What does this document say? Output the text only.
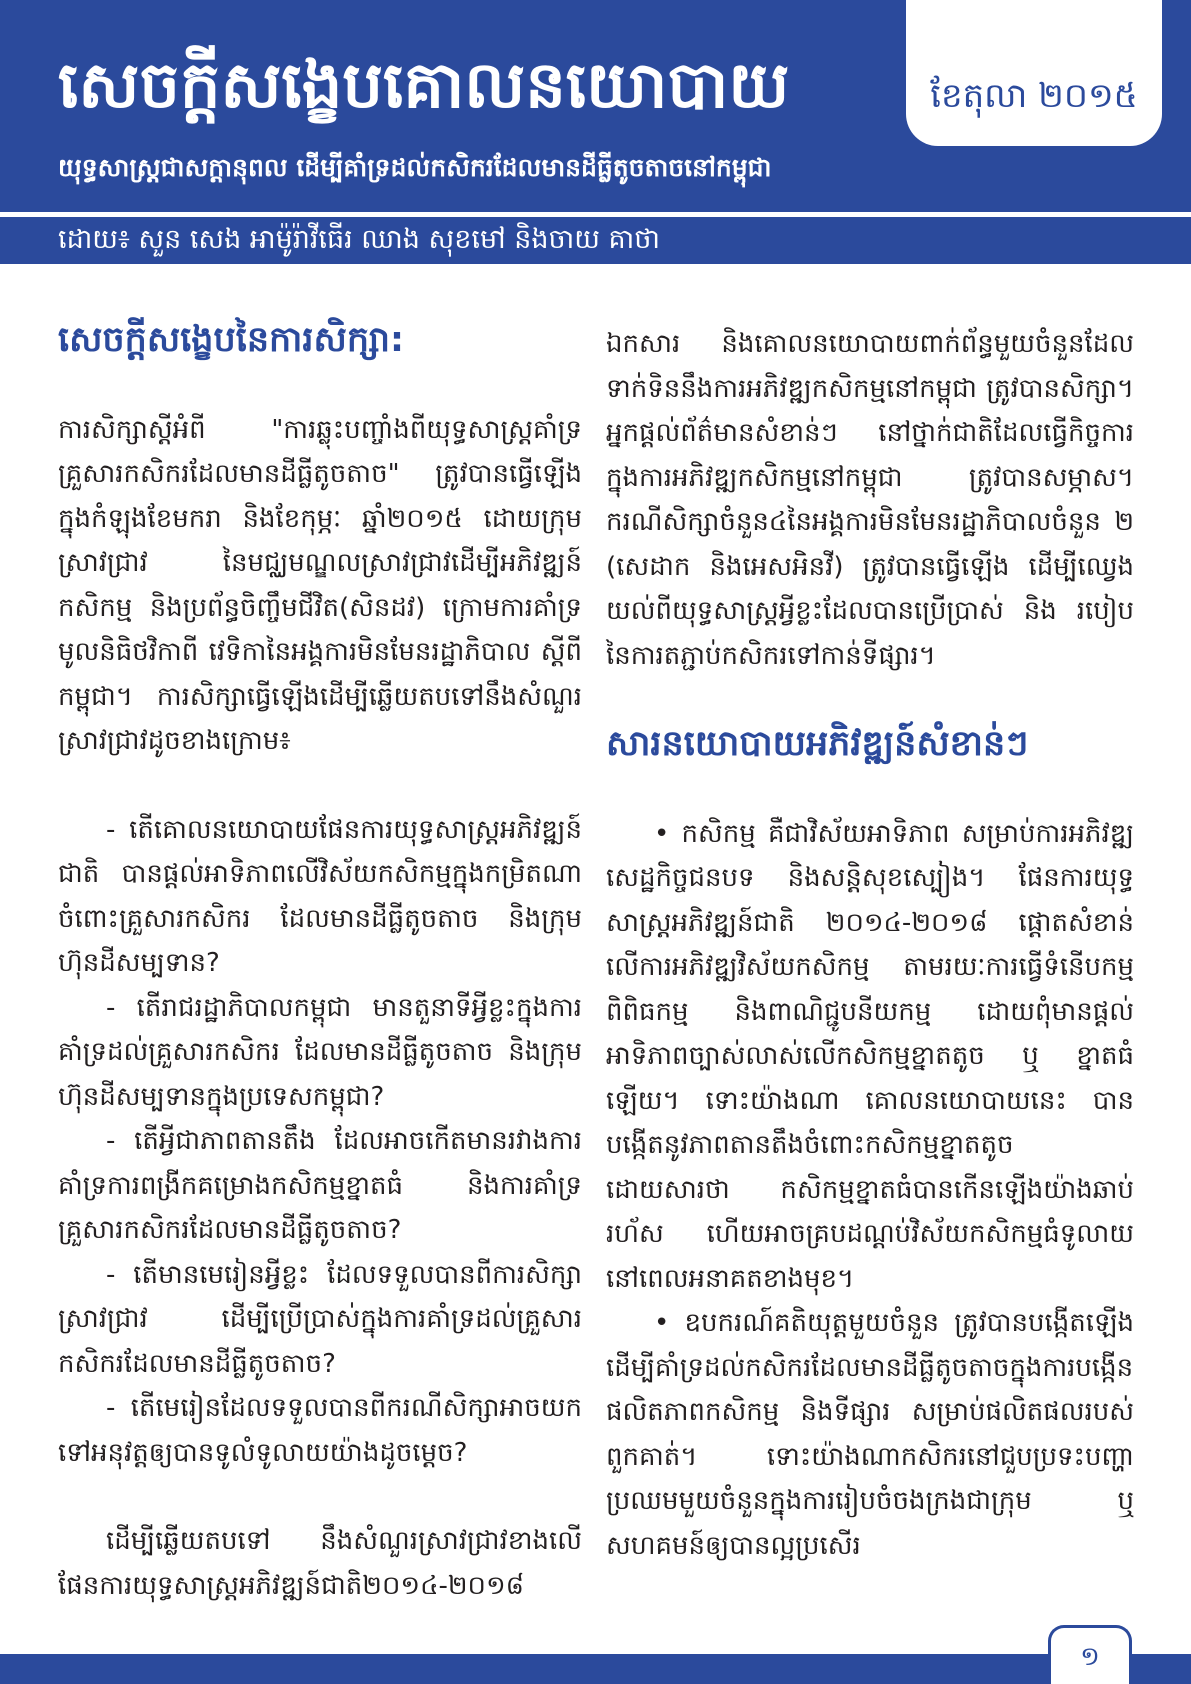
សេចក្តីសង្ខេបគោលនយោបាយ

យុទ្ធសាស្ត្រជាសក្តានុពល ដើម្បីគាំទ្រដល់កសិករដែលមានដីធ្លីតូចតាចនៅកម្ពុជា

ខែតុលា ២០១៥

ដោយ៖ សួន សេង អាម៉ូរ៉ាវីធើរ ឈាង សុខមៅ និងចាយ គាថា

សេចក្តីសង្ខេបនៃការសិក្សា:

ការសិក្សាស្តីអំពី "ការឆ្លុះបញ្ចាំងពីយុទ្ធសាស្ត្រគាំទ្រគ្រួសារកសិករដែលមានដីធ្លីតូចតាច" ត្រូវបានធ្វើឡើងក្នុងកំឡុងខែមករា និងខែកុម្ភៈ ឆ្នាំ២០១៥ ដោយក្រុមស្រាវជ្រាវ នៃមជ្ឈមណ្ឌលស្រាវជ្រាវដើម្បីអភិវឌ្ឍន៍កសិកម្ម និងប្រព័ន្ធចិញ្ចឹមជីវិត(សិនដវ) ក្រោមការគាំទ្រមូលនិធិថវិកាពី វេទិកានៃអង្គការមិនមែនរដ្ឋាភិបាល ស្តីពីកម្ពុជា។ ការសិក្សាធ្វើឡើងដើម្បីឆ្លើយតបទៅនឹងសំណួរស្រាវជ្រាវដូចខាងក្រោម៖

- តើគោលនយោបាយផែនការយុទ្ធសាស្ត្រអភិវឌ្ឍន៍ជាតិ បានផ្តល់អាទិភាពលើវិស័យកសិកម្មក្នុងកម្រិតណាចំពោះគ្រួសារកសិករ ដែលមានដីធ្លីតូចតាច និងក្រុមហ៊ុនដីសម្បទាន?

- តើរាជរដ្ឋាភិបាលកម្ពុជា មានតួនាទីអ្វីខ្លះក្នុងការគាំទ្រដល់គ្រួសារកសិករ ដែលមានដីធ្លីតូចតាច និងក្រុមហ៊ុនដីសម្បទានក្នុងប្រទេសកម្ពុជា?

- តើអ្វីជាភាពតានតឹង ដែលអាចកើតមានរវាងការគាំទ្រការពង្រីកគម្រោងកសិកម្មខ្នាតធំ និងការគាំទ្រគ្រួសារកសិករដែលមានដីធ្លីតូចតាច?

- តើមានមេរៀនអ្វីខ្លះ ដែលទទួលបានពីការសិក្សាស្រាវជ្រាវ ដើម្បីប្រើប្រាស់ក្នុងការគាំទ្រដល់គ្រួសារកសិករដែលមានដីធ្លីតូចតាច?

- តើមេរៀនដែលទទួលបានពីករណីសិក្សាអាចយកទៅអនុវត្តឲ្យបានទូលំទូលាយយ៉ាងដូចម្តេច?

ដើម្បីឆ្លើយតបទៅ នឹងសំណួរស្រាវជ្រាវខាងលើផែនការយុទ្ធសាស្ត្រអភិវឌ្ឍន៍ជាតិ២០១៤-២០១៨

ឯកសារ និងគោលនយោបាយពាក់ព័ន្ធមួយចំនួនដែលទាក់ទិននឹងការអភិវឌ្ឍកសិកម្មនៅកម្ពុជា ត្រូវបានសិក្សា។ អ្នកផ្តល់ព័ត៌មានសំខាន់ៗ នៅថ្នាក់ជាតិដែលធ្វើកិច្ចការក្នុងការអភិវឌ្ឍកសិកម្មនៅកម្ពុជា ត្រូវបានសម្ភាស។ ករណីសិក្សាចំនួន៤នៃអង្គការមិនមែនរដ្ឋាភិបាលចំនួន ២ (សេដាក និងអេសអិនវី) ត្រូវបានធ្វើឡើង ដើម្បីឈ្វេងយល់ពីយុទ្ធសាស្ត្រអ្វីខ្លះដែលបានប្រើប្រាស់ និង របៀបនៃការតភ្ជាប់កសិករទៅកាន់ទីផ្សារ។

សារនយោបាយអភិវឌ្ឍន៍សំខាន់ៗ

• កសិកម្ម គឺជាវិស័យអាទិភាព សម្រាប់ការអភិវឌ្ឍសេដ្ឋកិច្ចជនបទ និងសន្តិសុខស្បៀង។ ផែនការយុទ្ធសាស្ត្រអភិវឌ្ឍន៍ជាតិ ២០១៤-២០១៨ ផ្តោតសំខាន់លើការអភិវឌ្ឍវិស័យកសិកម្ម តាមរយៈការធ្វើទំនើបកម្ម ពិពិធកម្ម និងពាណិជ្ជូបនីយកម្ម ដោយពុំមានផ្តល់អាទិភាពច្បាស់លាស់លើកសិកម្មខ្នាតតូច ឬ ខ្នាតធំឡើយ។ ទោះយ៉ាងណា គោលនយោបាយនេះ បានបង្កើតនូវភាពតានតឹងចំពោះកសិកម្មខ្នាតតូច ដោយសារថា កសិកម្មខ្នាតធំបានកើនឡើងយ៉ាងឆាប់រហ័ស ហើយអាចគ្របដណ្តប់វិស័យកសិកម្មធំទូលាយនៅពេលអនាគតខាងមុខ។

• ឧបករណ៍គតិយុត្តមួយចំនួន ត្រូវបានបង្កើតឡើង ដើម្បីគាំទ្រដល់កសិករដែលមានដីធ្លីតូចតាចក្នុងការបង្កើនផលិតភាពកសិកម្ម និងទីផ្សារ សម្រាប់ផលិតផលរបស់ពួកគាត់។ ទោះយ៉ាងណាកសិករនៅជួបប្រទះបញ្ហាប្រឈមមួយចំនួនក្នុងការរៀបចំចងក្រងជាក្រុម ឬ សហគមន៍ឲ្យបានល្អប្រសើរ

១
